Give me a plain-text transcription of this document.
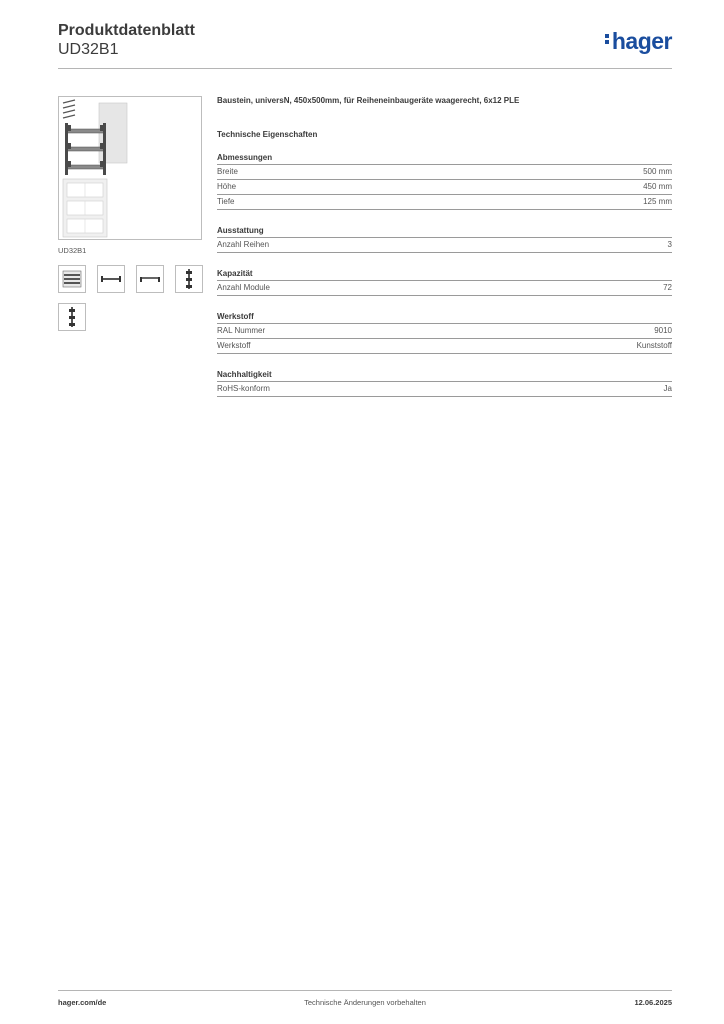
Produktdatenblatt
UD32B1	hager
UD32B1
Baustein, universN, 450x500mm, für Reiheneinbaugeräte waagerecht, 6x12 PLE
Technische Eigenschaften
Abmessungen
Breite	500 mm
Höhe	450 mm
Tiefe	125 mm
Ausstattung
Anzahl Reihen	3
Kapazität
Anzahl Module	72
Werkstoff
RAL Nummer	9010
Werkstoff	Kunststoff
Nachhaltigkeit
RoHS-konform	Ja
hager.com/de	Technische Änderungen vorbehalten	12.06.2025
